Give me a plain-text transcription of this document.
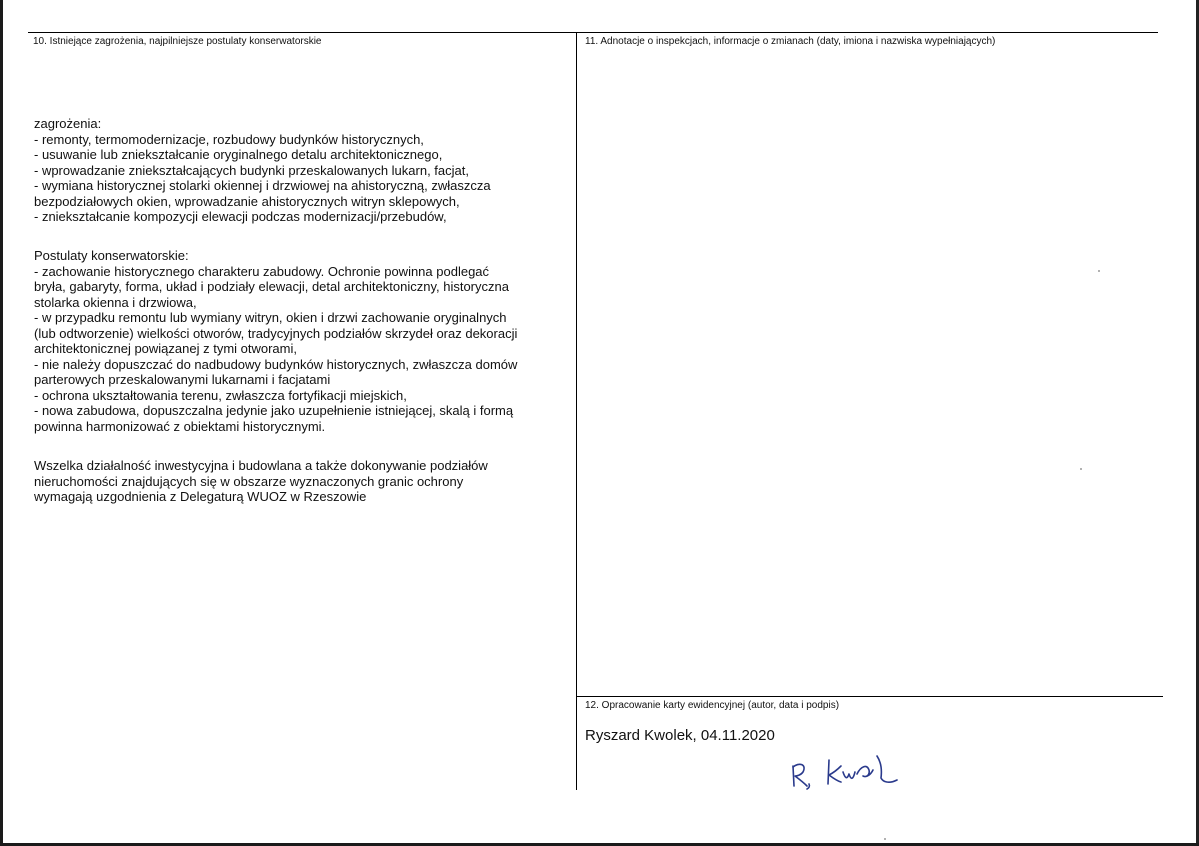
10. Istniejące zagrożenia, najpilniejsze postulaty konserwatorskie
zagrożenia:
- remonty, termomodernizacje, rozbudowy budynków historycznych,
- usuwanie lub zniekształcanie oryginalnego detalu architektonicznego,
- wprowadzanie zniekształcających budynki przeskalowanych lukarn, facjat,
- wymiana historycznej stolarki okiennej i drzwiowej na ahistoryczną, zwłaszcza
bezpodziałowych okien, wprowadzanie ahistorycznych witryn sklepowych,
- zniekształcanie kompozycji elewacji podczas modernizacji/przebudów,
Postulaty konserwatorskie:
- zachowanie historycznego charakteru zabudowy. Ochronie powinna podlegać
bryła, gabaryty, forma, układ i podziały elewacji, detal architektoniczny, historyczna
stolarka okienna i drzwiowa,
- w przypadku remontu lub wymiany witryn, okien i drzwi zachowanie oryginalnych
(lub odtworzenie) wielkości otworów, tradycyjnych podziałów skrzydeł oraz dekoracji
architektonicznej powiązanej z tymi otworami,
- nie należy dopuszczać do nadbudowy budynków historycznych, zwłaszcza domów
parterowych przeskalowanymi lukarnami i facjatami
- ochrona ukształtowania terenu, zwłaszcza fortyfikacji miejskich,
- nowa zabudowa, dopuszczalna jedynie jako uzupełnienie istniejącej, skalą i formą
powinna harmonizować z obiektami historycznymi.
Wszelka działalność inwestycyjna i budowlana a także dokonywanie podziałów
nieruchomości znajdujących się w obszarze wyznaczonych granic ochrony
wymagają uzgodnienia z Delegaturą WUOZ w Rzeszowie
11. Adnotacje o inspekcjach, informacje o zmianach (daty, imiona i nazwiska wypełniających)
12. Opracowanie karty ewidencyjnej (autor, data i podpis)
Ryszard Kwolek, 04.11.2020
